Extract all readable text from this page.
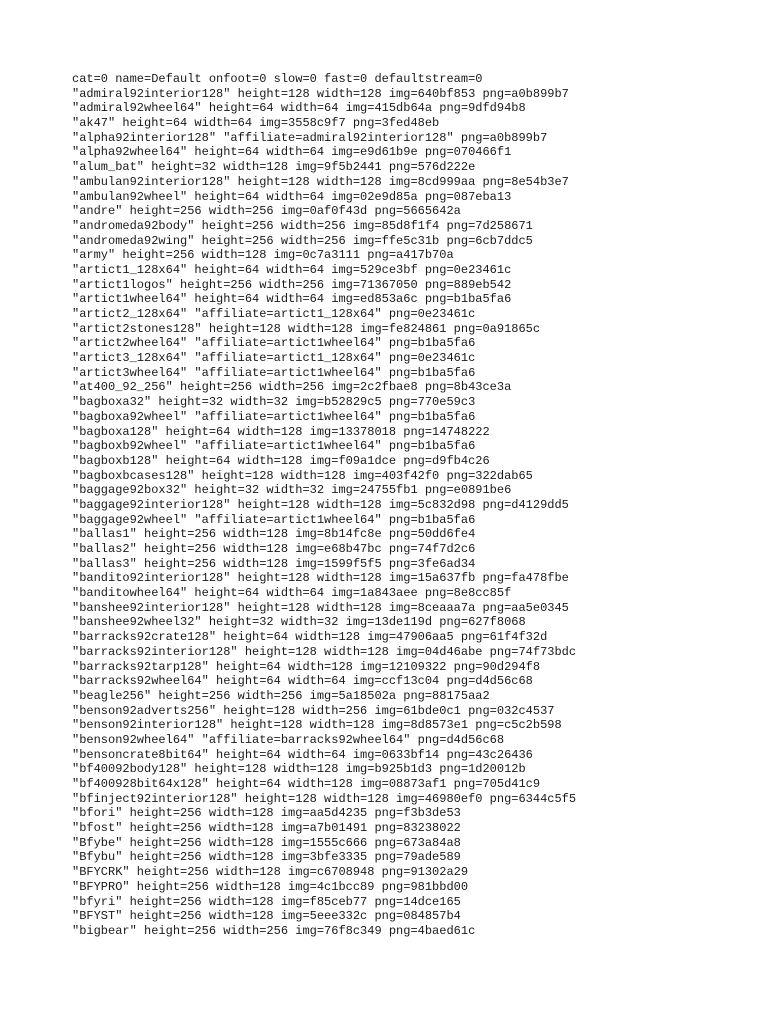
cat=0 name=Default onfoot=0 slow=0 fast=0 defaultstream=0
"admiral92interior128" height=128 width=128 img=640bf853 png=a0b899b7
"admiral92wheel64" height=64 width=64 img=415db64a png=9dfd94b8
"ak47" height=64 width=64 img=3558c9f7 png=3fed48eb
"alpha92interior128" "affiliate=admiral92interior128" png=a0b899b7
"alpha92wheel64" height=64 width=64 img=e9d61b9e png=070466f1
"alum_bat" height=32 width=128 img=9f5b2441 png=576d222e
"ambulan92interior128" height=128 width=128 img=8cd999aa png=8e54b3e7
"ambulan92wheel" height=64 width=64 img=02e9d85a png=087eba13
"andre" height=256 width=256 img=0af0f43d png=5665642a
"andromeda92body" height=256 width=256 img=85d8f1f4 png=7d258671
"andromeda92wing" height=256 width=256 img=ffe5c31b png=6cb7ddc5
"army" height=256 width=128 img=0c7a3111 png=a417b70a
"artict1_128x64" height=64 width=64 img=529ce3bf png=0e23461c
"artict1logos" height=256 width=256 img=71367050 png=889eb542
"artict1wheel64" height=64 width=64 img=ed853a6c png=b1ba5fa6
"artict2_128x64" "affiliate=artict1_128x64" png=0e23461c
"artict2stones128" height=128 width=128 img=fe824861 png=0a91865c
"artict2wheel64" "affiliate=artict1wheel64" png=b1ba5fa6
"artict3_128x64" "affiliate=artict1_128x64" png=0e23461c
"artict3wheel64" "affiliate=artict1wheel64" png=b1ba5fa6
"at400_92_256" height=256 width=256 img=2c2fbae8 png=8b43ce3a
"bagboxa32" height=32 width=32 img=b52829c5 png=770e59c3
"bagboxa92wheel" "affiliate=artict1wheel64" png=b1ba5fa6
"bagboxa128" height=64 width=128 img=13378018 png=14748222
"bagboxb92wheel" "affiliate=artict1wheel64" png=b1ba5fa6
"bagboxb128" height=64 width=128 img=f09a1dce png=d9fb4c26
"bagboxbcases128" height=128 width=128 img=403f42f0 png=322dab65
"baggage92box32" height=32 width=32 img=24755fb1 png=e0891be6
"baggage92interior128" height=128 width=128 img=5c832d98 png=d4129dd5
"baggage92wheel" "affiliate=artict1wheel64" png=b1ba5fa6
"ballas1" height=256 width=128 img=8b14fc8e png=50dd6fe4
"ballas2" height=256 width=128 img=e68b47bc png=74f7d2c6
"ballas3" height=256 width=128 img=1599f5f5 png=3fe6ad34
"bandito92interior128" height=128 width=128 img=15a637fb png=fa478fbe
"banditowheel64" height=64 width=64 img=1a843aee png=8e8cc85f
"banshee92interior128" height=128 width=128 img=8ceaaa7a png=aa5e0345
"banshee92wheel32" height=32 width=32 img=13de119d png=627f8068
"barracks92crate128" height=64 width=128 img=47906aa5 png=61f4f32d
"barracks92interior128" height=128 width=128 img=04d46abe png=74f73bdc
"barracks92tarp128" height=64 width=128 img=12109322 png=90d294f8
"barracks92wheel64" height=64 width=64 img=ccf13c04 png=d4d56c68
"beagle256" height=256 width=256 img=5a18502a png=88175aa2
"benson92adverts256" height=128 width=256 img=61bde0c1 png=032c4537
"benson92interior128" height=128 width=128 img=8d8573e1 png=c5c2b598
"benson92wheel64" "affiliate=barracks92wheel64" png=d4d56c68
"bensoncrate8bit64" height=64 width=64 img=0633bf14 png=43c26436
"bf40092body128" height=128 width=128 img=b925b1d3 png=1d20012b
"bf400928bit64x128" height=64 width=128 img=08873af1 png=705d41c9
"bfinject92interior128" height=128 width=128 img=46980ef0 png=6344c5f5
"bfori" height=256 width=128 img=aa5d4235 png=f3b3de53
"bfost" height=256 width=128 img=a7b01491 png=83238022
"Bfybe" height=256 width=128 img=1555c666 png=673a84a8
"Bfybu" height=256 width=128 img=3bfe3335 png=79ade589
"BFYCRK" height=256 width=128 img=c6708948 png=91302a29
"BFYPRO" height=256 width=128 img=4c1bcc89 png=981bbd00
"bfyri" height=256 width=128 img=f85ceb77 png=14dce165
"BFYST" height=256 width=128 img=5eee332c png=084857b4
"bigbear" height=256 width=256 img=76f8c349 png=4baed61c
